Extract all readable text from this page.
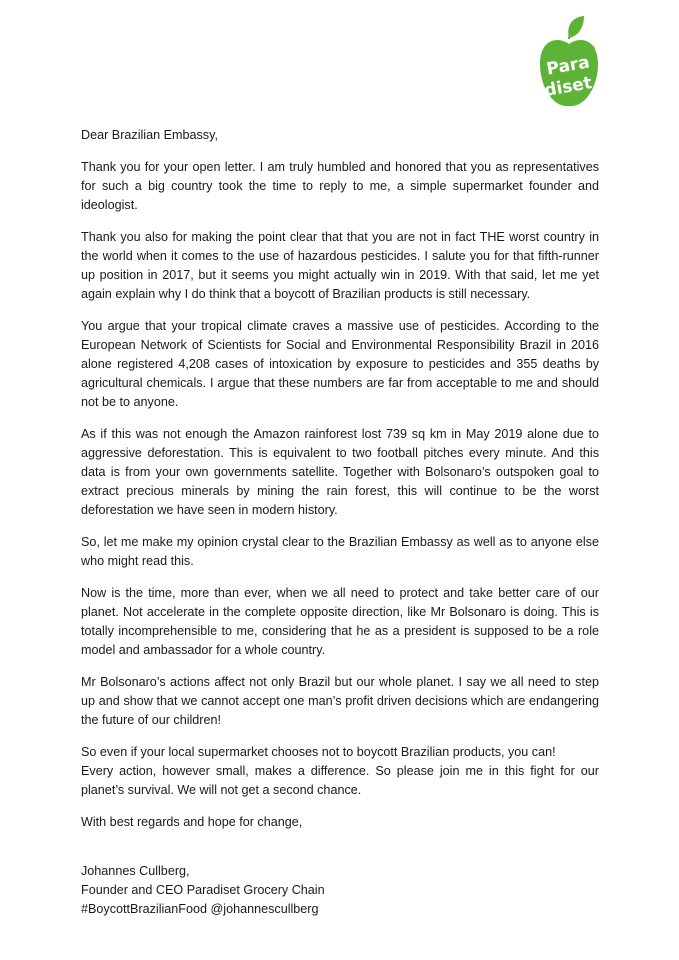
Para
diset
®

Dear Brazilian Embassy,

Thank you for your open letter. I am truly humbled and honored that you as representatives for such a big country took the time to reply to me, a simple supermarket founder and ideologist.

Thank you also for making the point clear that that you are not in fact THE worst country in the world when it comes to the use of hazardous pesticides. I salute you for that fifth-runner up position in 2017, but it seems you might actually win in 2019. With that said, let me yet again explain why I do think that a boycott of Brazilian products is still necessary.

You argue that your tropical climate craves a massive use of pesticides. According to the European Network of Scientists for Social and Environmental Responsibility Brazil in 2016 alone registered 4,208 cases of intoxication by exposure to pesticides and 355 deaths by agricultural chemicals. I argue that these numbers are far from acceptable to me and should not be to anyone.

As if this was not enough the Amazon rainforest lost 739 sq km in May 2019 alone due to aggressive deforestation. This is equivalent to two football pitches every minute. And this data is from your own governments satellite. Together with Bolsonaro’s outspoken goal to extract precious minerals by mining the rain forest, this will continue to be the worst deforestation we have seen in modern history.

So, let me make my opinion crystal clear to the Brazilian Embassy as well as to anyone else who might read this.

Now is the time, more than ever, when we all need to protect and take better care of our planet. Not accelerate in the complete opposite direction, like Mr Bolsonaro is doing. This is totally incomprehensible to me, considering that he as a president is supposed to be a role model and ambassador for a whole country.

Mr Bolsonaro’s actions affect not only Brazil but our whole planet. I say we all need to step up and show that we cannot accept one man’s profit driven decisions which are endangering the future of our children!

So even if your local supermarket chooses not to boycott Brazilian products, you can!

Every action, however small, makes a difference. So please join me in this fight for our planet’s survival. We will not get a second chance.

With best regards and hope for change,

Johannes Cullberg,
Founder and CEO Paradiset Grocery Chain
#BoycottBrazilianFood @johannescullberg
